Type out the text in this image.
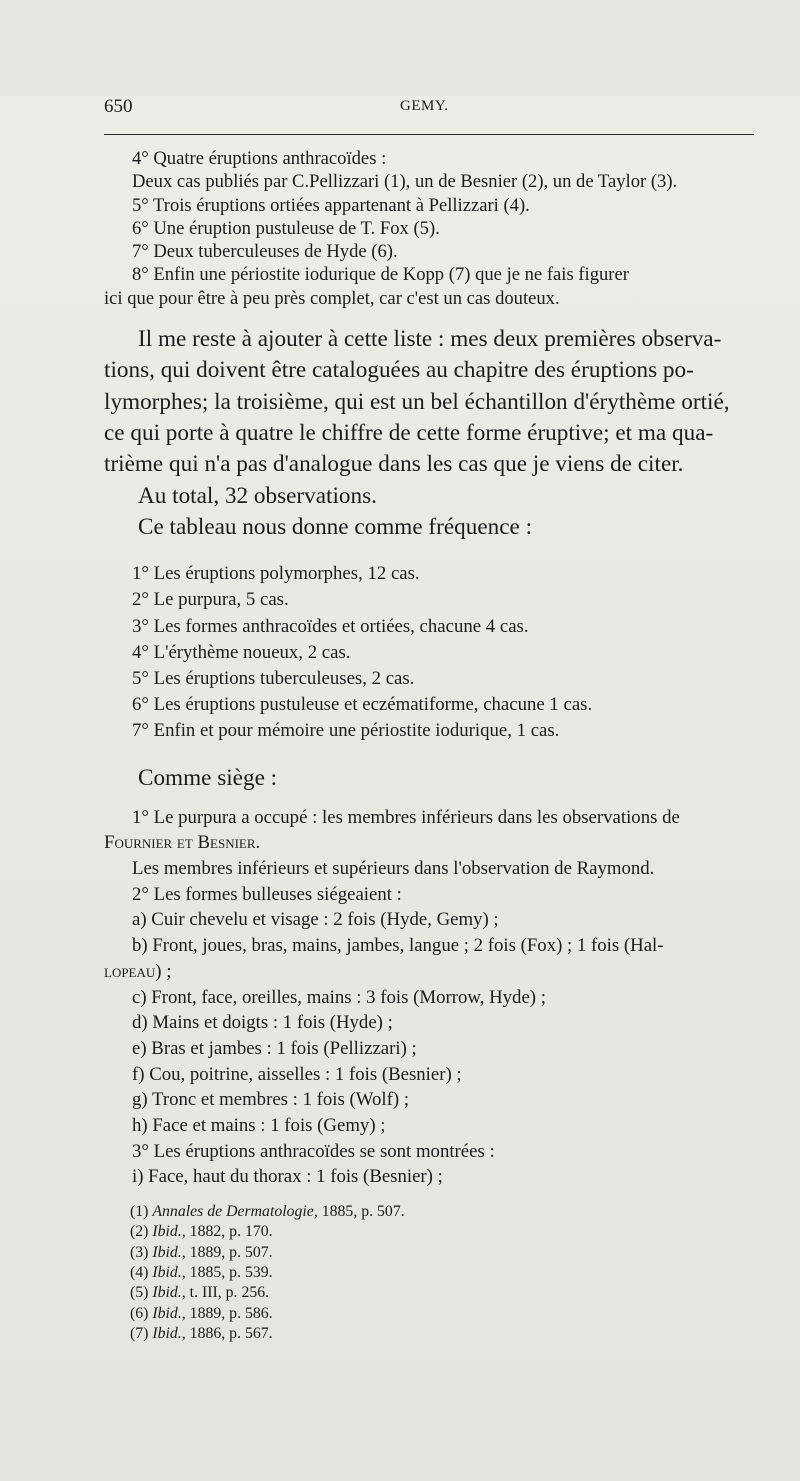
650	GEMY.

4° Quatre éruptions anthracoïdes :

Deux cas publiés par C.Pellizzari (1), un de Besnier (2), un de Taylor (3).

5° Trois éruptions ortiées appartenant à Pellizzari (4).

6° Une éruption pustuleuse de T. Fox (5).

7° Deux tuberculeuses de Hyde (6).

8° Enfin une périostite iodurique de Kopp (7) que je ne fais figurer

ici que pour être à peu près complet, car c'est un cas douteux.

Il me reste à ajouter à cette liste : mes deux premières observa-

tions, qui doivent être cataloguées au chapitre des éruptions po-

lymorphes; la troisième, qui est un bel échantillon d'érythème ortié,

ce qui porte à quatre le chiffre de cette forme éruptive; et ma qua-

trième qui n'a pas d'analogue dans les cas que je viens de citer.

Au total, 32 observations.

Ce tableau nous donne comme fréquence :

1° Les éruptions polymorphes, 12 cas.

2° Le purpura, 5 cas.

3° Les formes anthracoïdes et ortiées, chacune 4 cas.

4° L'érythème noueux, 2 cas.

5° Les éruptions tuberculeuses, 2 cas.

6° Les éruptions pustuleuse et eczématiforme, chacune 1 cas.

7° Enfin et pour mémoire une périostite iodurique, 1 cas.

Comme siège :

1° Le purpura a occupé : les membres inférieurs dans les observations de

Fournier et Besnier.

Les membres inférieurs et supérieurs dans l'observation de Raymond.

2° Les formes bulleuses siégeaient :

a) Cuir chevelu et visage : 2 fois (Hyde, Gemy) ;

b) Front, joues, bras, mains, jambes, langue ; 2 fois (Fox) ; 1 fois (Hal-

lopeau) ;

c) Front, face, oreilles, mains : 3 fois (Morrow, Hyde) ;

d) Mains et doigts : 1 fois (Hyde) ;

e) Bras et jambes : 1 fois (Pellizzari) ;

f) Cou, poitrine, aisselles : 1 fois (Besnier) ;

g) Tronc et membres : 1 fois (Wolf) ;

h) Face et mains : 1 fois (Gemy) ;

3° Les éruptions anthracoïdes se sont montrées :

i) Face, haut du thorax : 1 fois (Besnier) ;

(1) Annales de Dermatologie, 1885, p. 507.

(2) Ibid., 1882, p. 170.

(3) Ibid., 1889, p. 507.

(4) Ibid., 1885, p. 539.

(5) Ibid., t. III, p. 256.

(6) Ibid., 1889, p. 586.

(7) Ibid., 1886, p. 567.
